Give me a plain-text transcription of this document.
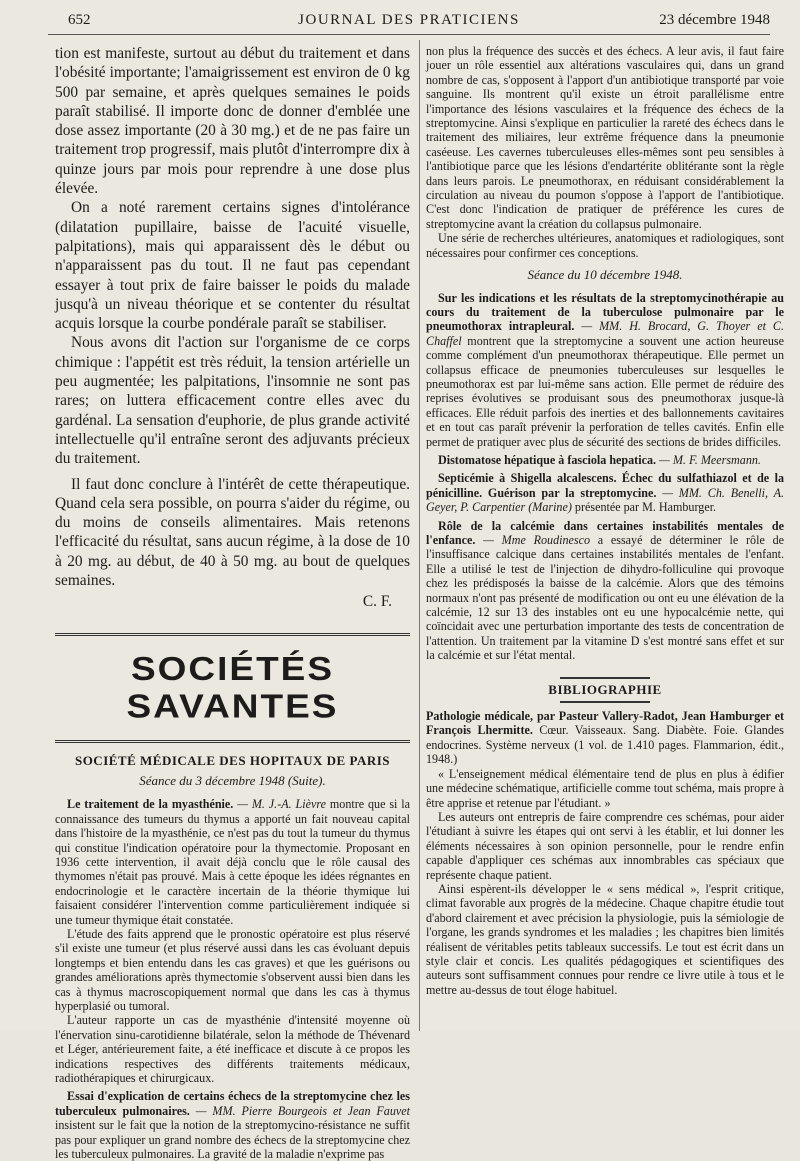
652	JOURNAL DES PRATICIENS	23 décembre 1948

tion est manifeste, surtout au début du traitement et dans l'obésité importante; l'amaigrissement est environ de 0 kg 500 par semaine, et après quelques semaines le poids paraît stabilisé. Il importe donc de donner d'emblée une dose assez importante (20 à 30 mg.) et de ne pas faire un traitement trop progressif, mais plutôt d'interrompre dix à quinze jours par mois pour reprendre à une dose plus élevée.

On a noté rarement certains signes d'intolérance (dilatation pupillaire, baisse de l'acuité visuelle, palpitations), mais qui apparaissent dès le début ou n'apparaissent pas du tout. Il ne faut pas cependant essayer à tout prix de faire baisser le poids du malade jusqu'à un niveau théorique et se contenter du résultat acquis lorsque la courbe pondérale paraît se stabiliser.

Nous avons dit l'action sur l'organisme de ce corps chimique : l'appétit est très réduit, la tension artérielle un peu augmentée; les palpitations, l'insomnie ne sont pas rares; on luttera efficacement contre elles avec du gardénal. La sensation d'euphorie, de plus grande activité intellectuelle qu'il entraîne seront des adjuvants précieux du traitement.

Il faut donc conclure à l'intérêt de cette thérapeutique. Quand cela sera possible, on pourra s'aider du régime, ou du moins de conseils alimentaires. Mais retenons l'efficacité du résultat, sans aucun régime, à la dose de 10 à 20 mg. au début, de 40 à 50 mg. au bout de quelques semaines.

C. F.
SOCIÉTÉS SAVANTES
SOCIÉTÉ MÉDICALE DES HOPITAUX DE PARIS
Séance du 3 décembre 1948 (Suite).

Le traitement de la myasthénie. — M. J.-A. Lièvre montre que si la connaissance des tumeurs du thymus a apporté un fait nouveau capital dans l'histoire de la myasthénie, ce n'est pas du tout la tumeur du thymus qui constitue l'indication opératoire pour la thymectomie. Proposant en 1936 cette intervention, il avait déjà conclu que le rôle causal des thymomes n'était pas prouvé. Mais à cette époque les idées régnantes en endocrinologie et le caractère incertain de la théorie thymique lui faisaient considérer l'intervention comme particulièrement indiquée si une tumeur thymique était constatée.

L'étude des faits apprend que le pronostic opératoire est plus réservé s'il existe une tumeur (et plus réservé aussi dans les cas évoluant depuis longtemps et bien entendu dans les cas graves) et que les guérisons ou grandes améliorations après thymectomie s'observent aussi bien dans les cas à thymus macroscopiquement normal que dans les cas à thymus hyperplasié ou tumoral.

L'auteur rapporte un cas de myasthénie d'intensité moyenne où l'énervation sinu-carotidienne bilatérale, selon la méthode de Thévenard et Léger, antérieurement faite, a été inefficace et discute à ce propos les indications respectives des différents traitements médicaux, radiothérapiques et chirurgicaux.

Essai d'explication de certains échecs de la streptomycine chez les tuberculeux pulmonaires. — MM. Pierre Bourgeois et Jean Fauvet insistent sur le fait que la notion de la streptomycino-résistance ne suffit pas pour expliquer un grand nombre des échecs de la streptomycine chez les tuberculeux pulmonaires. La gravité de la maladie n'exprime pas

non plus la fréquence des succès et des échecs. A leur avis, il faut faire jouer un rôle essentiel aux altérations vasculaires qui, dans un grand nombre de cas, s'opposent à l'apport d'un antibiotique transporté par voie sanguine. Ils montrent qu'il existe un étroit parallélisme entre l'importance des lésions vasculaires et la fréquence des échecs de la streptomycine. Ainsi s'explique en particulier la rareté des échecs dans le traitement des miliaires, leur extrême fréquence dans la pneumonie caséeuse. Les cavernes tuberculeuses elles-mêmes sont peu sensibles à l'antibiotique parce que les lésions d'endartérite oblitérante sont la règle dans leurs parois. Le pneumothorax, en réduisant considérablement la circulation au niveau du poumon s'oppose à l'apport de l'antibiotique. C'est donc l'indication de pratiquer de préférence les cures de streptomycine avant la création du collapsus pulmonaire.

Une série de recherches ultérieures, anatomiques et radiologiques, sont nécessaires pour confirmer ces conceptions.

Séance du 10 décembre 1948.

Sur les indications et les résultats de la streptomycinothérapie au cours du traitement de la tuberculose pulmonaire par le pneumothorax intrapleural. — MM. H. Brocard, G. Thoyer et C. Chaffel montrent que la streptomycine a souvent une action heureuse comme complément d'un pneumothorax thérapeutique. Elle permet un collapsus efficace de pneumonies tuberculeuses sur lesquelles le pneumothorax est par lui-même sans action. Elle permet de réduire des reprises évolutives se produisant sous des pneumothorax jusque-là efficaces. Elle réduit parfois des inerties et des ballonnements cavitaires et en tout cas paraît prévenir la perforation de telles cavités. Enfin elle permet de pratiquer avec plus de sécurité des sections de brides difficiles.

Distomatose hépatique à fasciola hepatica. — M. F. Meersmann.

Septicémie à Shigella alcalescens. Échec du sulfathiazol et de la pénicilline. Guérison par la streptomycine. — MM. Ch. Benelli, A. Geyer, P. Carpentier (Marine) présentée par M. Hamburger.

Rôle de la calcémie dans certaines instabilités mentales de l'enfance. — Mme Roudinesco a essayé de déterminer le rôle de l'insuffisance calcique dans certaines instabilités mentales de l'enfant. Elle a utilisé le test de l'injection de dihydro-folliculine qui provoque chez les prédisposés la baisse de la calcémie. Alors que des témoins normaux n'ont pas présenté de modification ou ont eu une élévation de la calcémie, 12 sur 13 des instables ont eu une hypocalcémie nette, qui coïncidait avec une perturbation importante des tests de concentration de l'attention. Un traitement par la vitamine D s'est montré sans effet et sur la calcémie et sur l'état mental.

BIBLIOGRAPHIE

Pathologie médicale, par Pasteur Vallery-Radot, Jean Hamburger et François Lhermitte. Cœur. Vaisseaux. Sang. Diabète. Foie. Glandes endocrines. Système nerveux (1 vol. de 1.410 pages. Flammarion, édit., 1948.)

« L'enseignement médical élémentaire tend de plus en plus à édifier une médecine schématique, artificielle comme tout schéma, mais propre à être apprise et retenue par l'étudiant. »

Les auteurs ont entrepris de faire comprendre ces schémas, pour aider l'étudiant à suivre les étapes qui ont servi à les établir, et lui donner les éléments nécessaires à son opinion personnelle, pour le rendre enfin capable d'appliquer ces schémas aux innombrables cas spéciaux que représente chaque patient.

Ainsi espèrent-ils développer le « sens médical », l'esprit critique, climat favorable aux progrès de la médecine. Chaque chapitre étudie tout d'abord clairement et avec précision la physiologie, puis la sémiologie de l'organe, les grands syndromes et les maladies ; les chapitres bien limités réalisent de véritables petits tableaux successifs. Le tout est écrit dans un style clair et concis. Les qualités pédagogiques et scientifiques des auteurs sont suffisamment connues pour rendre ce livre utile à tous et le mettre au-dessus de tout éloge habituel.
